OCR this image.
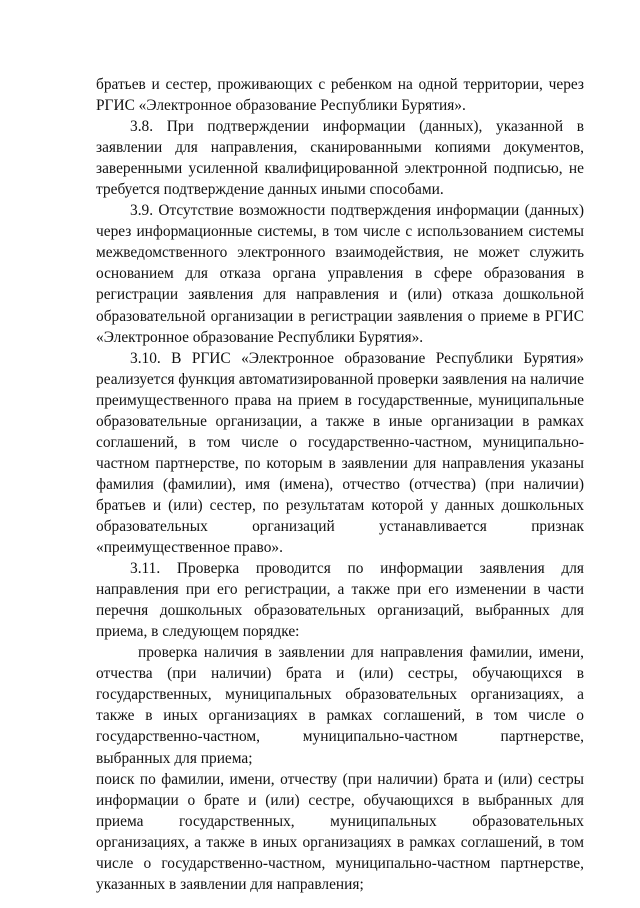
братьев и сестер, проживающих с ребенком на одной территории, через РГИС «Электронное образование Республики Бурятия».

3.8. При подтверждении информации (данных), указанной в заявлении для направления, сканированными копиями документов, заверенными усиленной квалифицированной электронной подписью, не требуется подтверждение данных иными способами.

3.9. Отсутствие возможности подтверждения информации (данных) через информационные системы, в том числе с использованием системы межведомственного электронного взаимодействия, не может служить основанием для отказа органа управления в сфере образования в регистрации заявления для направления и (или) отказа дошкольной образовательной организации в регистрации заявления о приеме в РГИС «Электронное образование Республики Бурятия».

3.10. В РГИС «Электронное образование Республики Бурятия» реализуется функция автоматизированной проверки заявления на наличие преимущественного права на прием в государственные, муниципальные образовательные организации, а также в иные организации в рамках соглашений, в том числе о государственно-частном, муниципально-частном партнерстве, по которым в заявлении для направления указаны фамилия (фамилии), имя (имена), отчество (отчества) (при наличии) братьев и (или) сестер, по результатам которой у данных дошкольных образовательных организаций устанавливается признак «преимущественное право».

3.11. Проверка проводится по информации заявления для направления при его регистрации, а также при его изменении в части перечня дошкольных образовательных организаций, выбранных для приема, в следующем порядке:

проверка наличия в заявлении для направления фамилии, имени, отчества (при наличии) брата и (или) сестры, обучающихся в государственных, муниципальных образовательных организациях, а также в иных организациях в рамках соглашений, в том числе о государственно-частном, муниципально-частном партнерстве, выбранных для приема;

поиск по фамилии, имени, отчеству (при наличии) брата и (или) сестры информации о брате и (или) сестре, обучающихся в выбранных для приема государственных, муниципальных образовательных организациях, а также в иных организациях в рамках соглашений, в том числе о государственно-частном, муниципально-частном партнерстве, указанных в заявлении для направления;
